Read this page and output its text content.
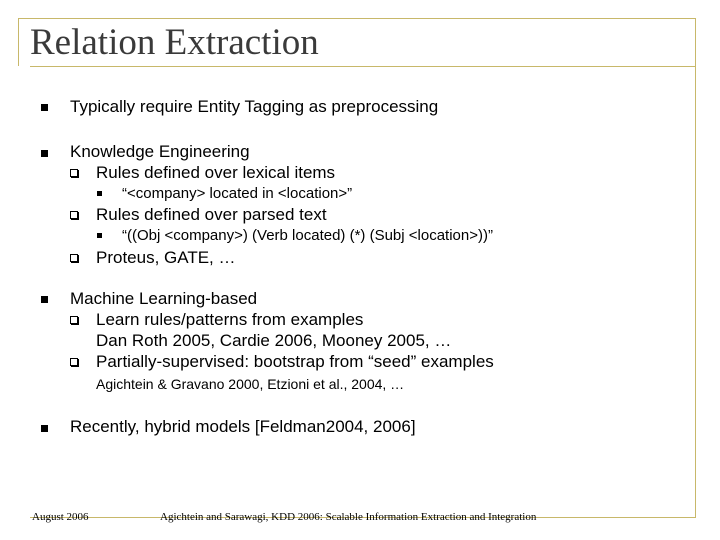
Relation Extraction
Typically require Entity Tagging as preprocessing
Knowledge Engineering
Rules defined over lexical items
“<company> located in <location>”
Rules defined over parsed text
“((Obj <company>) (Verb located) (*) (Subj <location>))”
Proteus, GATE, …
Machine Learning-based
Learn rules/patterns from examples
Dan Roth 2005, Cardie 2006, Mooney 2005, …
Partially-supervised: bootstrap from “seed” examples
Agichtein & Gravano 2000, Etzioni et al., 2004, …
Recently, hybrid models [Feldman2004, 2006]
August 2006	Agichtein and Sarawagi, KDD 2006: Scalable Information Extraction and Integration
